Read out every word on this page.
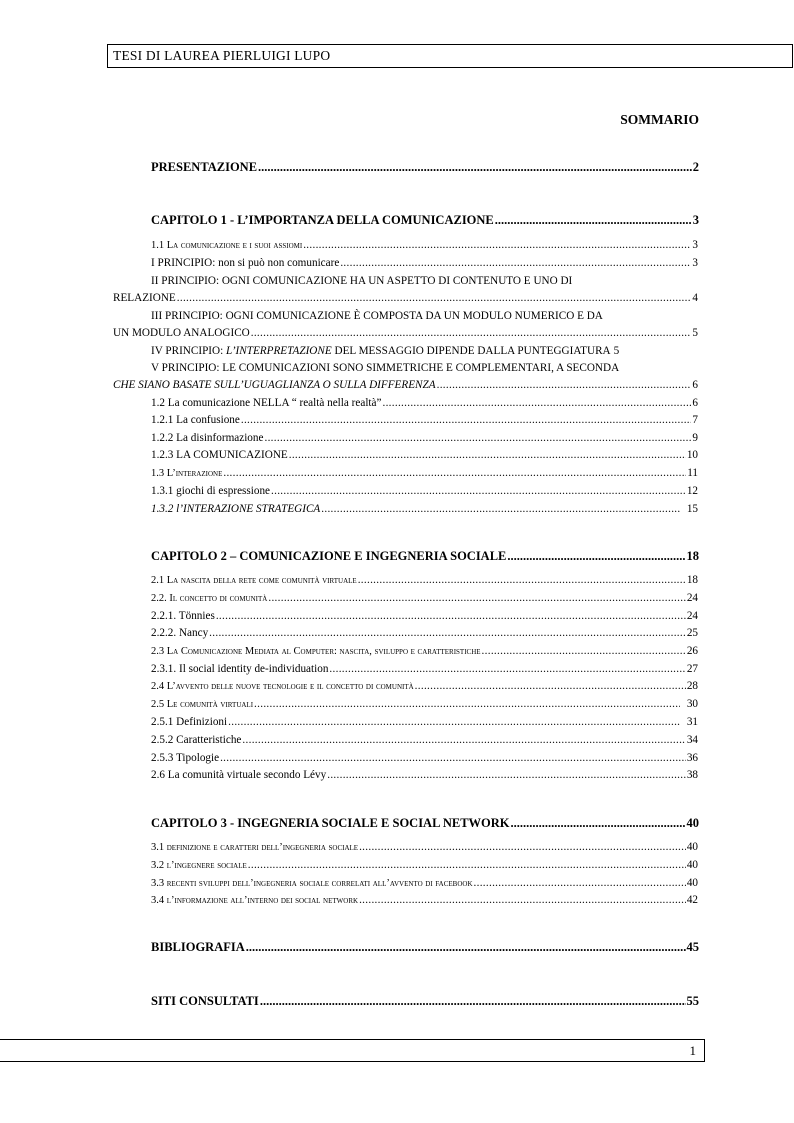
TESI DI LAUREA PIERLUIGI LUPO
SOMMARIO
PRESENTAZIONE .....	2
CAPITOLO 1 - L’IMPORTANZA DELLA COMUNICAZIONE .....	3
1.1 La comunicazione e i suoi assiomi .....	3
I PRINCIPIO: non si può non comunicare .....	3
II PRINCIPIO: OGNI COMUNICAZIONE HA UN ASPETTO DI CONTENUTO E UNO DI
RELAZIONE .....	4
III PRINCIPIO: OGNI COMUNICAZIONE È COMPOSTA DA UN MODULO NUMERICO E DA
UN MODULO ANALOGICO .....	5
IV PRINCIPIO: L’INTERPRETAZIONE DEL MESSAGGIO DIPENDE DALLA PUNTEGGIATURA 5
V PRINCIPIO: LE COMUNICAZIONI SONO SIMMETRICHE E COMPLEMENTARI, A SECONDA
CHE SIANO BASATE SULL’UGUAGLIANZA O SULLA DIFFERENZA .....	6
1.2 La comunicazione NELLA “ realtà nella realtà” .....	6
1.2.1 La confusione .....	7
1.2.2 La disinformazione .....	9
1.2.3 LA COMUNICAZIONE .....	10
1.3 L’interazione .....	11
1.3.1 giochi di espressione .....	12
1.3.2 l’INTERAZIONE STRATEGICA .....	15
CAPITOLO 2 – COMUNICAZIONE E INGEGNERIA SOCIALE .....	18
2.1 La nascita della rete come comunità virtuale .....	18
2.2. Il concetto di comunità .....	24
2.2.1. Tönnies .....	24
2.2.2. Nancy .....	25
2.3 La Comunicazione Mediata al Computer: nascita, sviluppo e caratteristiche .....	26
2.3.1. Il social identity de-individuation .....	27
2.4 L’avvento delle nuove tecnologie e il concetto di comunità .....	28
2.5 Le comunità virtuali .....	30
2.5.1 Definizioni .....	31
2.5.2 Caratteristiche .....	34
2.5.3 Tipologie .....	36
2.6 La comunità virtuale secondo Lévy .....	38
CAPITOLO 3 - INGEGNERIA SOCIALE E SOCIAL NETWORK .....	40
3.1 definizione e caratteri dell’ingegneria sociale .....	40
3.2 l’ingegnere sociale .....	40
3.3 recenti sviluppi dell’ingegneria sociale correlati all’avvento di facebook .....	40
3.4 l’informazione all’interno dei social network .....	42
BIBLIOGRAFIA .....	45
SITI CONSULTATI .....	55
1
